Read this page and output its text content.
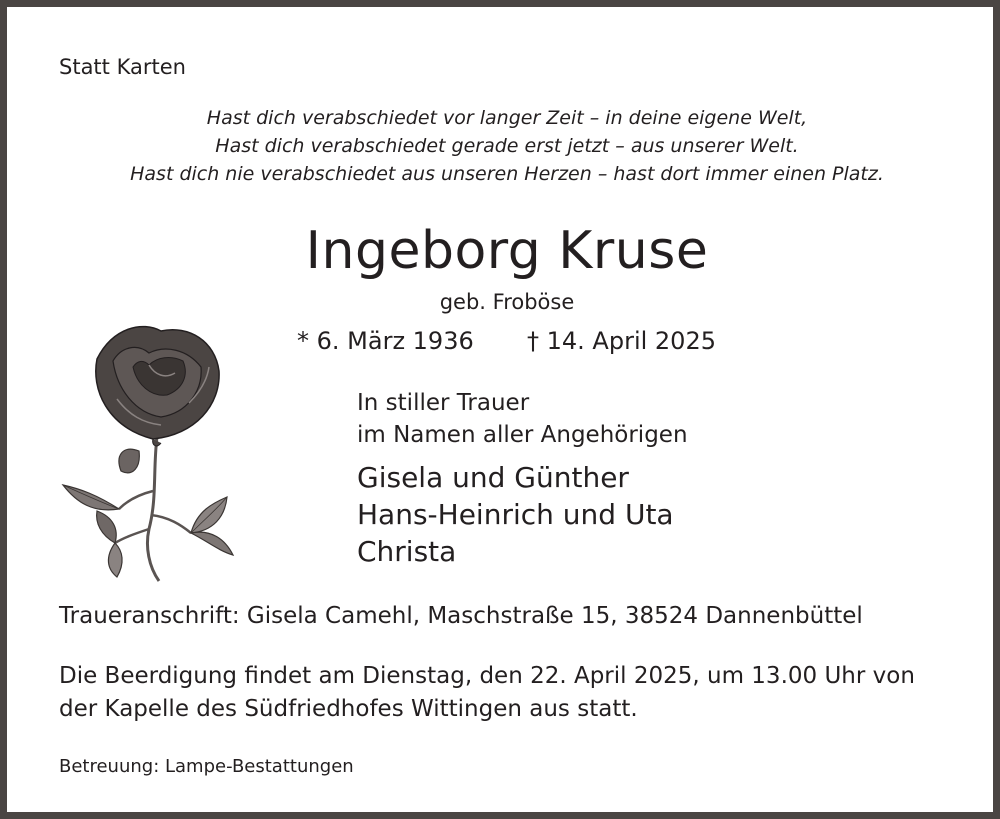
Statt Karten
Hast dich verabschiedet vor langer Zeit – in deine eigene Welt,
Hast dich verabschiedet gerade erst jetzt – aus unserer Welt.
Hast dich nie verabschiedet aus unseren Herzen – hast dort immer einen Platz.
Ingeborg Kruse
geb. Froböse
* 6. März 1936 † 14. April 2025
In stiller Trauer
im Namen aller Angehörigen
Gisela und Günther
Hans-Heinrich und Uta
Christa
Traueranschrift: Gisela Camehl, Maschstraße 15, 38524 Dannenbüttel
Die Beerdigung findet am Dienstag, den 22. April 2025, um 13.00 Uhr von
der Kapelle des Südfriedhofes Wittingen aus statt.
Betreuung: Lampe-Bestattungen
